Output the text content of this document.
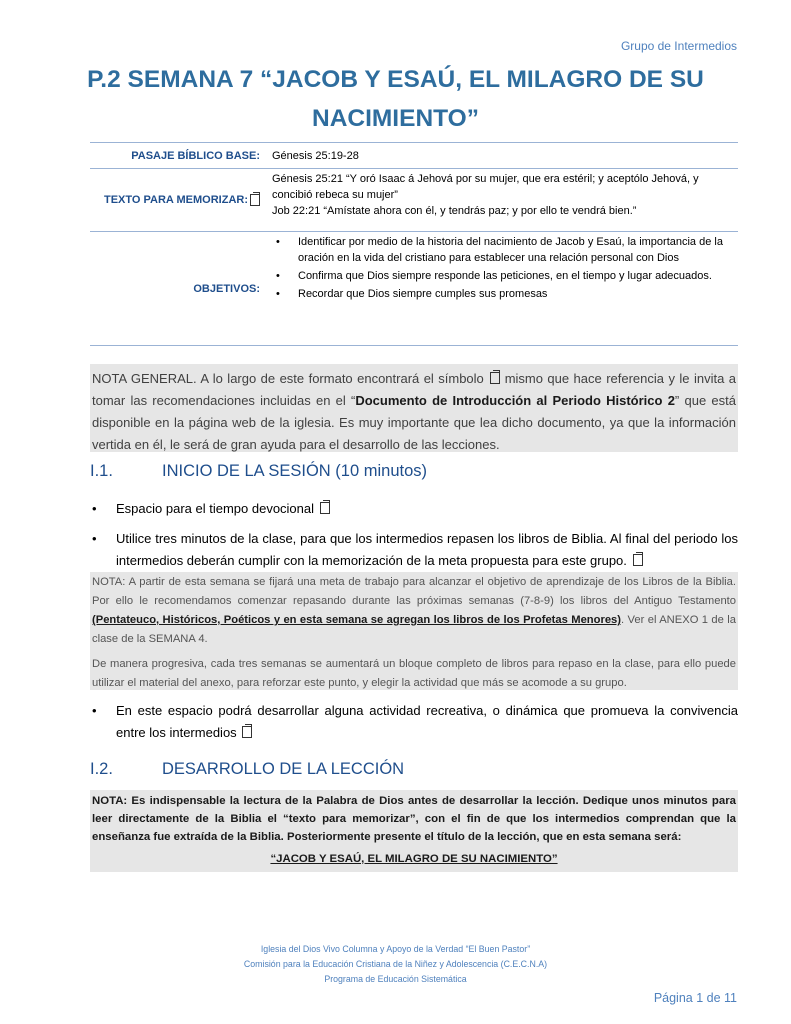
Grupo de Intermedios
P.2 SEMANA 7 “JACOB Y ESAÚ, EL MILAGRO DE SU NACIMIENTO”
PASAJE BÍBLICO BASE:	Génesis 25:19-28
TEXTO PARA MEMORIZAR:
Génesis 25:21 “Y oró Isaac á Jehová por su mujer, que era estéril; y aceptólo Jehová, y concibió rebeca su mujer”
Job 22:21 “Amístate ahora con él, y tendrás paz; y por ello te vendrá bien.”
OBJETIVOS:
• Identificar por medio de la historia del nacimiento de Jacob y Esaú, la importancia de la oración en la vida del cristiano para establecer una relación personal con Dios
• Confirma que Dios siempre responde las peticiones, en el tiempo y lugar adecuados.
• Recordar que Dios siempre cumples sus promesas
NOTA GENERAL. A lo largo de este formato encontrará el símbolo mismo que hace referencia y le invita a tomar las recomendaciones incluidas en el “Documento de Introducción al Periodo Histórico 2” que está disponible en la página web de la iglesia. Es muy importante que lea dicho documento, ya que la información vertida en él, le será de gran ayuda para el desarrollo de las lecciones.
I.1.	INICIO DE LA SESIÓN (10 minutos)
• Espacio para el tiempo devocional
• Utilice tres minutos de la clase, para que los intermedios repasen los libros de Biblia. Al final del periodo los intermedios deberán cumplir con la memorización de la meta propuesta para este grupo.

NOTA: A partir de esta semana se fijará una meta de trabajo para alcanzar el objetivo de aprendizaje de los Libros de la Biblia. Por ello le recomendamos comenzar repasando durante las próximas semanas (7-8-9) los libros del Antiguo Testamento (Pentateuco, Históricos, Poéticos y en esta semana se agregan los libros de los Profetas Menores). Ver el ANEXO 1 de la clase de la SEMANA 4.

De manera progresiva, cada tres semanas se aumentará un bloque completo de libros para repaso en la clase, para ello puede utilizar el material del anexo, para reforzar este punto, y elegir la actividad que más se acomode a su grupo.

• En este espacio podrá desarrollar alguna actividad recreativa, o dinámica que promueva la convivencia entre los intermedios
I.2.	DESARROLLO DE LA LECCIÓN
NOTA: Es indispensable la lectura de la Palabra de Dios antes de desarrollar la lección. Dedique unos minutos para leer directamente de la Biblia el “texto para memorizar”, con el fin de que los intermedios comprendan que la enseñanza fue extraída de la Biblia. Posteriormente presente el título de la lección, que en esta semana será:
“JACOB Y ESAÚ, EL MILAGRO DE SU NACIMIENTO”
Iglesia del Dios Vivo Columna y Apoyo de la Verdad “El Buen Pastor”
Comisión para la Educación Cristiana de la Niñez y Adolescencia (C.E.C.N.A)
Programa de Educación Sistemática
Página 1 de 11
